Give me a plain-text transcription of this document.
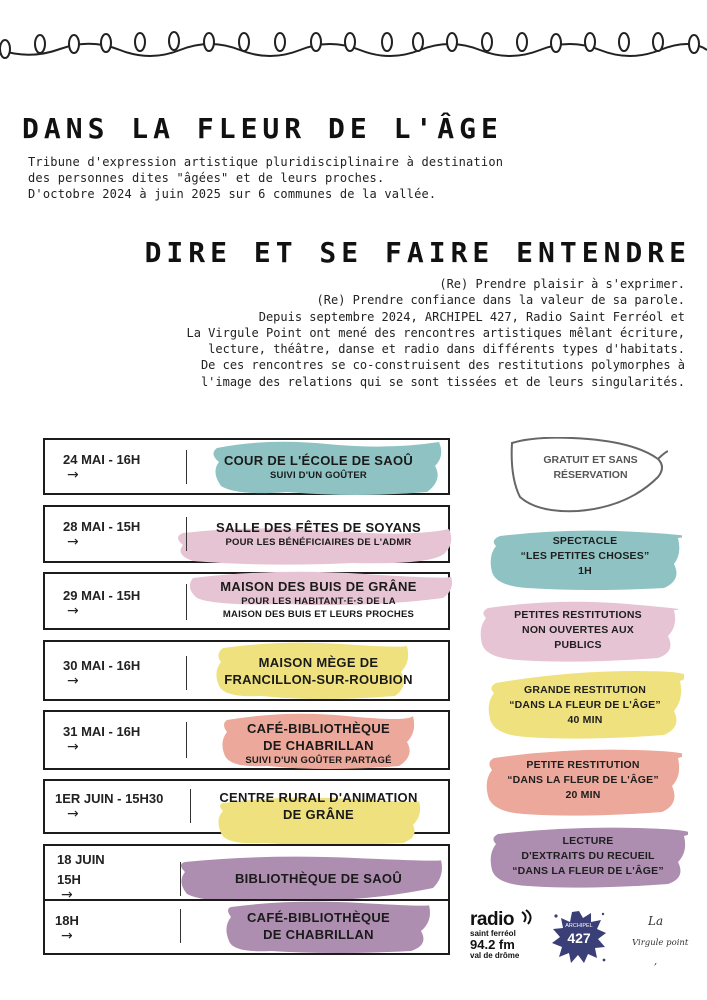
DANS LA FLEUR DE L'ÂGE

Tribune d'expression artistique pluridisciplinaire à destination

des personnes dites "âgées" et de leurs proches.

D'octobre 2024 à juin 2025 sur 6 communes de la vallée.

DIRE ET SE FAIRE ENTENDRE

(Re) Prendre plaisir à s'exprimer.

(Re) Prendre confiance dans la valeur de sa parole.

Depuis septembre 2024, ARCHIPEL 427, Radio Saint Ferréol et

La Virgule Point ont mené des rencontres artistiques mêlant écriture,

lecture, théâtre, danse et radio dans différents types d'habitats.

De ces rencontres se co-construisent des restitutions polymorphes à

l'image des relations qui se sont tissées et de leurs singularités.

24 MAI - 16H
→
COUR DE L'ÉCOLE DE SAOÛ
SUIVI D'UN GOÛTER
28 MAI - 15H
→
SALLE DES FÊTES DE SOYANS
POUR LES BÉNÉFICIAIRES DE L'ADMR
29 MAI - 15H
→
MAISON DES BUIS DE GRÂNE
POUR LES HABITANT·E·S DE LA
MAISON DES BUIS ET LEURS PROCHES
30 MAI - 16H
→
MAISON MÈGE DE
FRANCILLON-SUR-ROUBION
31 MAI - 16H
→
CAFÉ-BIBLIOTHÈQUE
DE CHABRILLAN
SUIVI D'UN GOÛTER PARTAGÉ
1ER JUIN - 15H30
→
CENTRE RURAL D'ANIMATION
DE GRÂNE
18 JUIN
15H
→
BIBLIOTHÈQUE DE SAOÛ
18H
→
CAFÉ-BIBLIOTHÈQUE
DE CHABRILLAN
GRATUIT ET SANS
RÉSERVATION
SPECTACLE
“LES PETITES CHOSES”
1H
PETITES RESTITUTIONS
NON OUVERTES AUX
PUBLICS
GRANDE RESTITUTION
“DANS LA FLEUR DE L'ÂGE”
40 MIN
PETITE RESTITUTION
“DANS LA FLEUR DE L'ÂGE”
20 MIN
LECTURE
D'EXTRAITS DU RECUEIL
“DANS LA FLEUR DE L'ÂGE”
radio
saint ferréol
94.2 fm
val de drôme
ARCHIPEL
427
La
Virgule point
,
